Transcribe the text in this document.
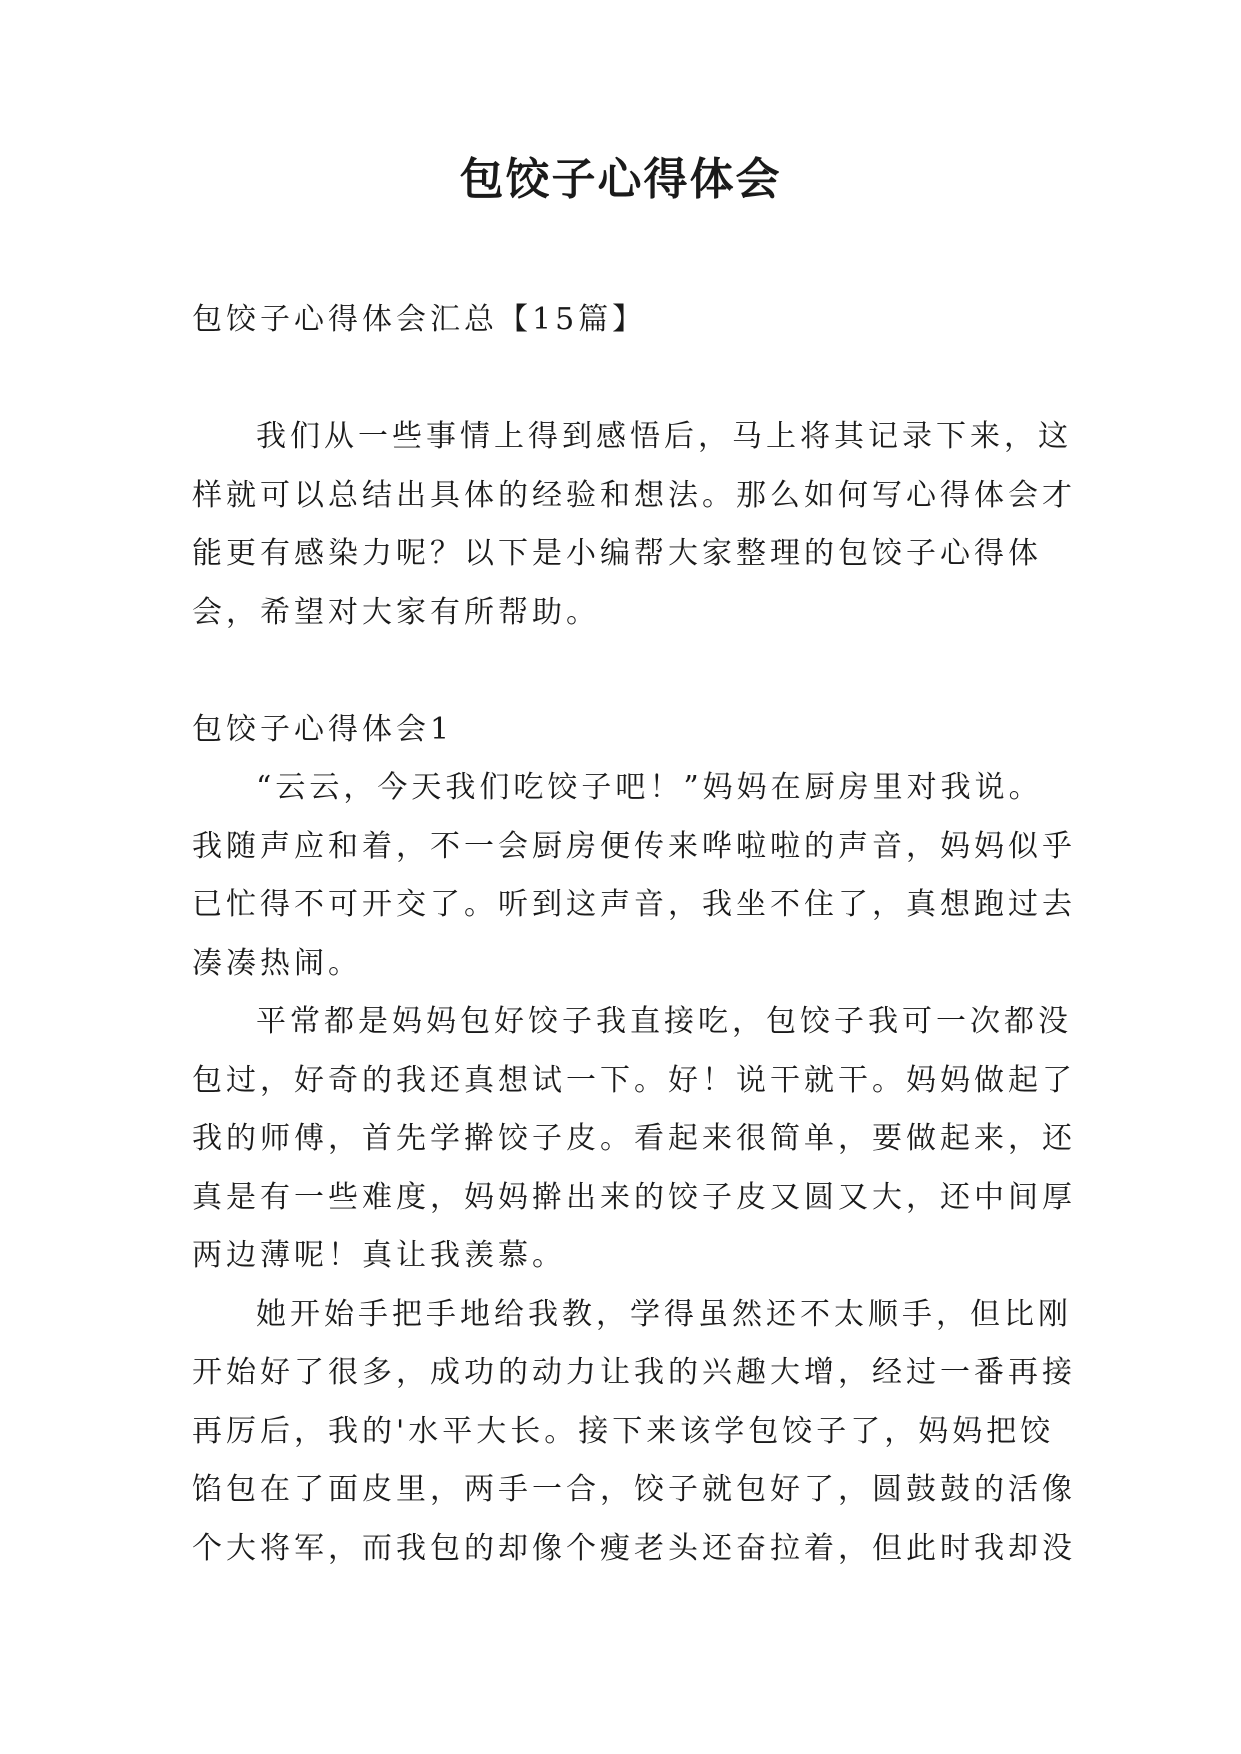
包饺子心得体会

包饺子心得体会汇总【15篇】

我们从一些事情上得到感悟后，马上将其记录下来，这

样就可以总结出具体的经验和想法。那么如何写心得体会才

能更有感染力呢？以下是小编帮大家整理的包饺子心得体

会，希望对大家有所帮助。

包饺子心得体会1

“云云，今天我们吃饺子吧！”妈妈在厨房里对我说。

我随声应和着，不一会厨房便传来哗啦啦的声音，妈妈似乎

已忙得不可开交了。听到这声音，我坐不住了，真想跑过去

凑凑热闹。

平常都是妈妈包好饺子我直接吃，包饺子我可一次都没

包过，好奇的我还真想试一下。好！说干就干。妈妈做起了

我的师傅，首先学擀饺子皮。看起来很简单，要做起来，还

真是有一些难度，妈妈擀出来的饺子皮又圆又大，还中间厚

两边薄呢！真让我羡慕。

她开始手把手地给我教，学得虽然还不太顺手，但比刚

开始好了很多，成功的动力让我的兴趣大增，经过一番再接

再厉后，我的'水平大长。接下来该学包饺子了，妈妈把饺

馅包在了面皮里，两手一合，饺子就包好了，圆鼓鼓的活像

个大将军，而我包的却像个瘦老头还奋拉着，但此时我却没
